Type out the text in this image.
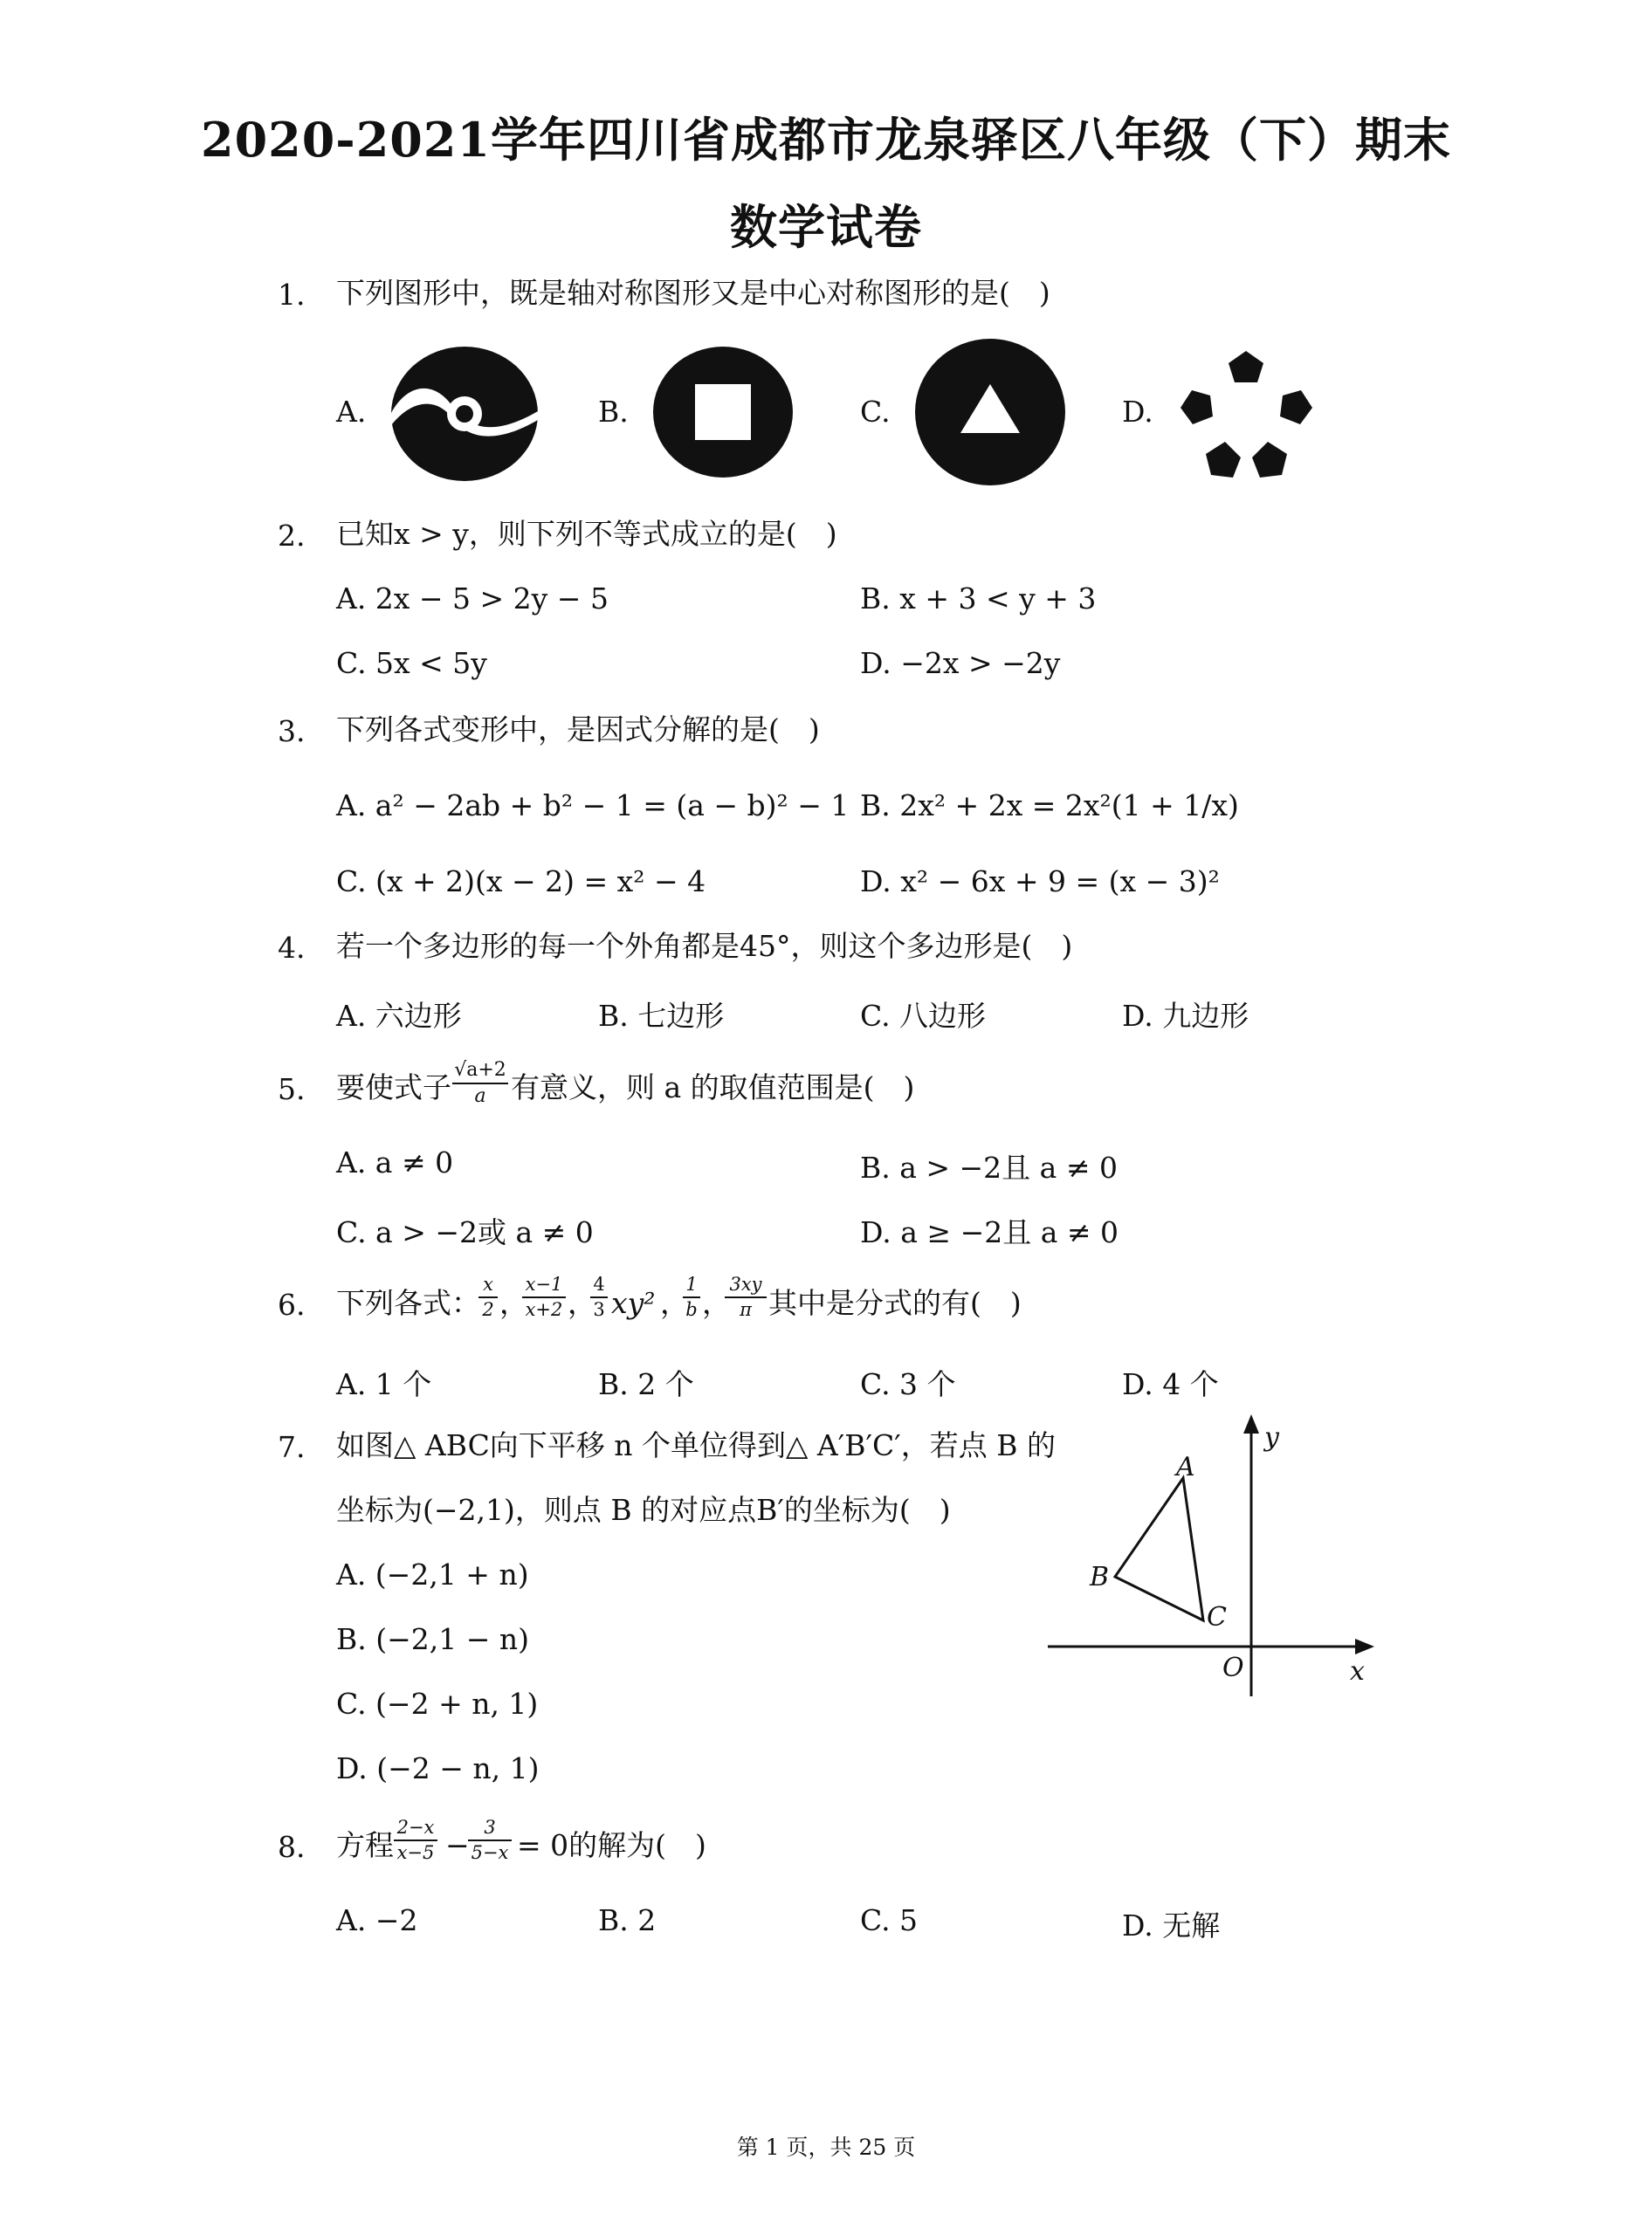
2020-2021学年四川省成都市龙泉驿区八年级（下）期末
数学试卷
1. 下列图形中，既是轴对称图形又是中心对称图形的是(　)
A.	B.	C.	D.
2. 已知x > y，则下列不等式成立的是(　)
A. 2x − 5 > 2y − 5	B. x + 3 < y + 3
C. 5x < 5y	D. −2x > −2y
3. 下列各式变形中，是因式分解的是(　)
A. a² − 2ab + b² − 1 = (a − b)² − 1 B. 2x² + 2x = 2x²(1 + 1/x)
C. (x + 2)(x − 2) = x² − 4	D. x² − 6x + 9 = (x − 3)²
4. 若一个多边形的每一个外角都是45°，则这个多边形是(　)
A. 六边形	B. 七边形	C. 八边形	D. 九边形
5. 要使式子 $\frac{√a+2}{a}$ 有意义，则 a 的取值范围是(　)
A. a ≠ 0	B. a > −2且 a ≠ 0
C. a > −2或 a ≠ 0	D. a ≥ −2且 a ≠ 0
6. 下列各式：
$\frac{x}{2}$ ，
$\frac{x-1}{x+2}$ ，
$\frac{4}{3} xy^2$ ，
$\frac{1}{b}$ ，
$\frac{3xy}{\pi}$ 其中是分式的有(　)
A. 1 个	B. 2 个	C. 3 个	D. 4 个
7. 如图△ ABC向下平移 n 个单位得到△ A′B′C′，若点 B 的
坐标为(−2,1)，则点 B 的对应点B′的坐标为(　)
A. (−2,1 + n)
B. (−2,1 − n)
C. (−2 + n, 1)
D. (−2 − n, 1)
A
B
C
O	x
y
8. 方程 $\frac{2-x}{x-5}$ −
$\frac{3}{5-x} = 0$的解为(　)
A. −2	B. 2	C. 5	D. 无解
第 1 页，共 25 页
